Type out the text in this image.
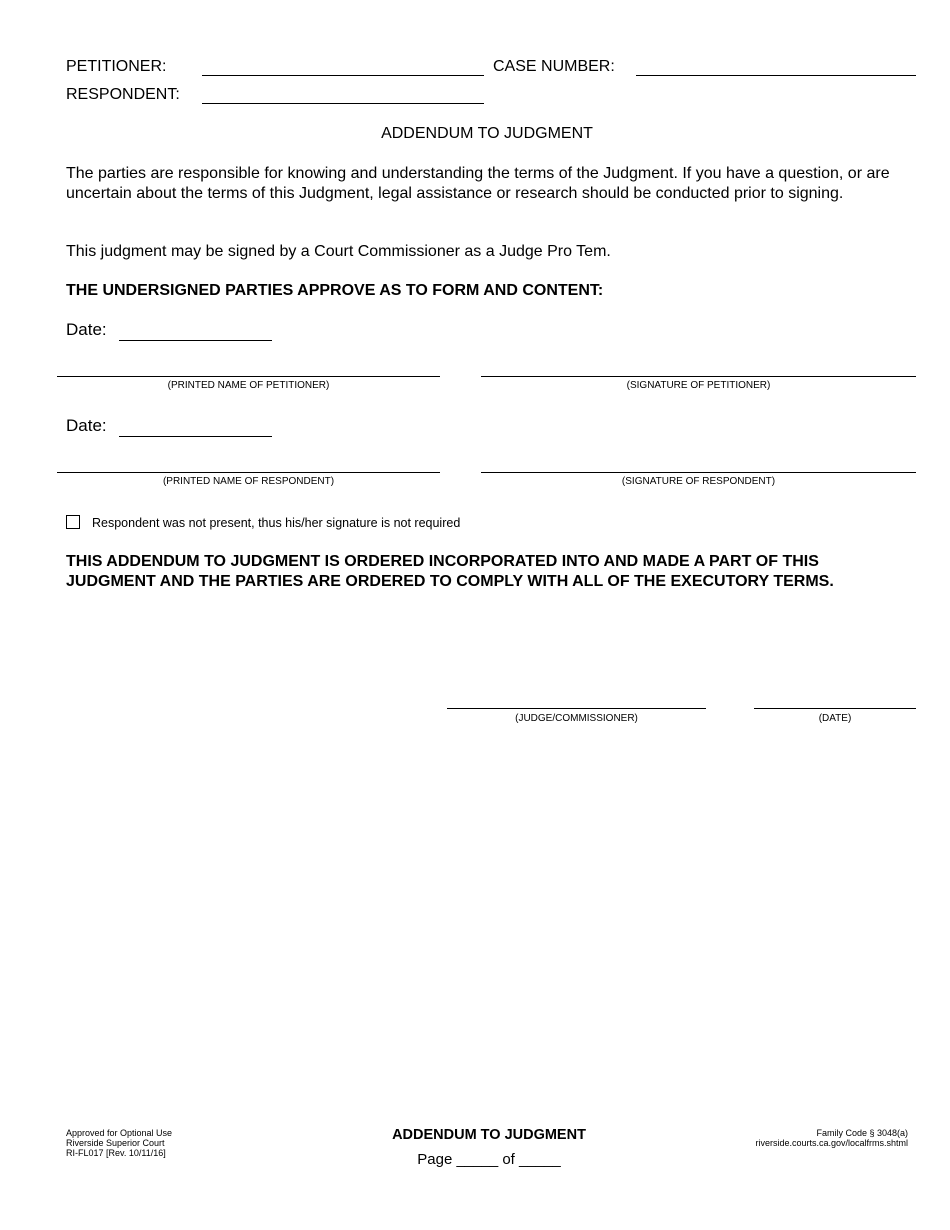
PETITIONER:	CASE NUMBER:
RESPONDENT:
ADDENDUM TO JUDGMENT
The parties are responsible for knowing and understanding the terms of the Judgment. If you have a question, or are uncertain about the terms of this Judgment, legal assistance or research should be conducted prior to signing.
This judgment may be signed by a Court Commissioner as a Judge Pro Tem.
THE UNDERSIGNED PARTIES APPROVE AS TO FORM AND CONTENT:
Date:
(PRINTED NAME OF PETITIONER)	(SIGNATURE OF PETITIONER)
Date:
(PRINTED NAME OF RESPONDENT)	(SIGNATURE OF RESPONDENT)
Respondent was not present, thus his/her signature is not required
THIS ADDENDUM TO JUDGMENT IS ORDERED INCORPORATED INTO AND MADE A PART OF THIS JUDGMENT AND THE PARTIES ARE ORDERED TO COMPLY WITH ALL OF THE EXECUTORY TERMS.
(JUDGE/COMMISSIONER)	(DATE)
Approved for Optional Use
Riverside Superior Court
RI-FL017 [Rev. 10/11/16]
ADDENDUM TO JUDGMENT
Page _____ of _____
Family Code § 3048(a)
riverside.courts.ca.gov/localfrms.shtml
